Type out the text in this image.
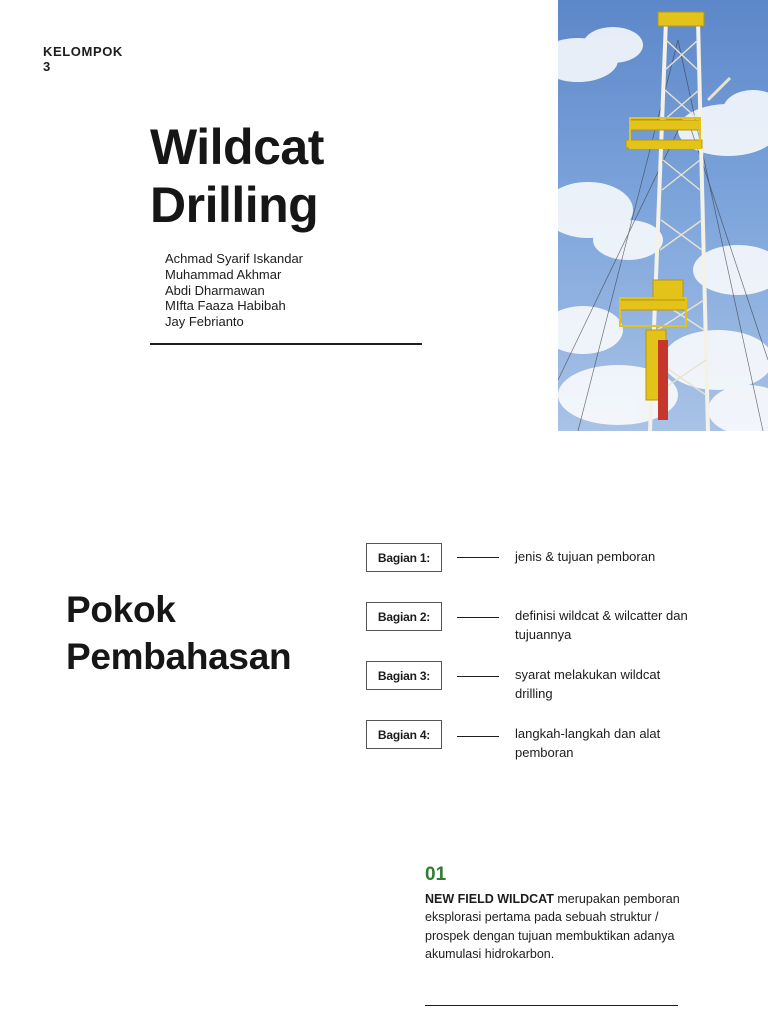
KELOMPOK 3
Wildcat
Drilling
Achmad Syarif Iskandar
Muhammad Akhmar
Abdi Dharmawan
MIfta Faaza Habibah
Jay Febrianto
Pokok
Pembahasan
Bagian 1:	jenis & tujuan pemboran
Bagian 2:	definisi wildcat & wilcatter dan tujuannya
Bagian 3:	syarat melakukan wildcat drilling
Bagian 4:	langkah-langkah dan alat pemboran
01
NEW FIELD WILDCAT merupakan pemboran eksplorasi pertama pada sebuah struktur / prospek dengan tujuan membuktikan adanya akumulasi hidrokarbon.
